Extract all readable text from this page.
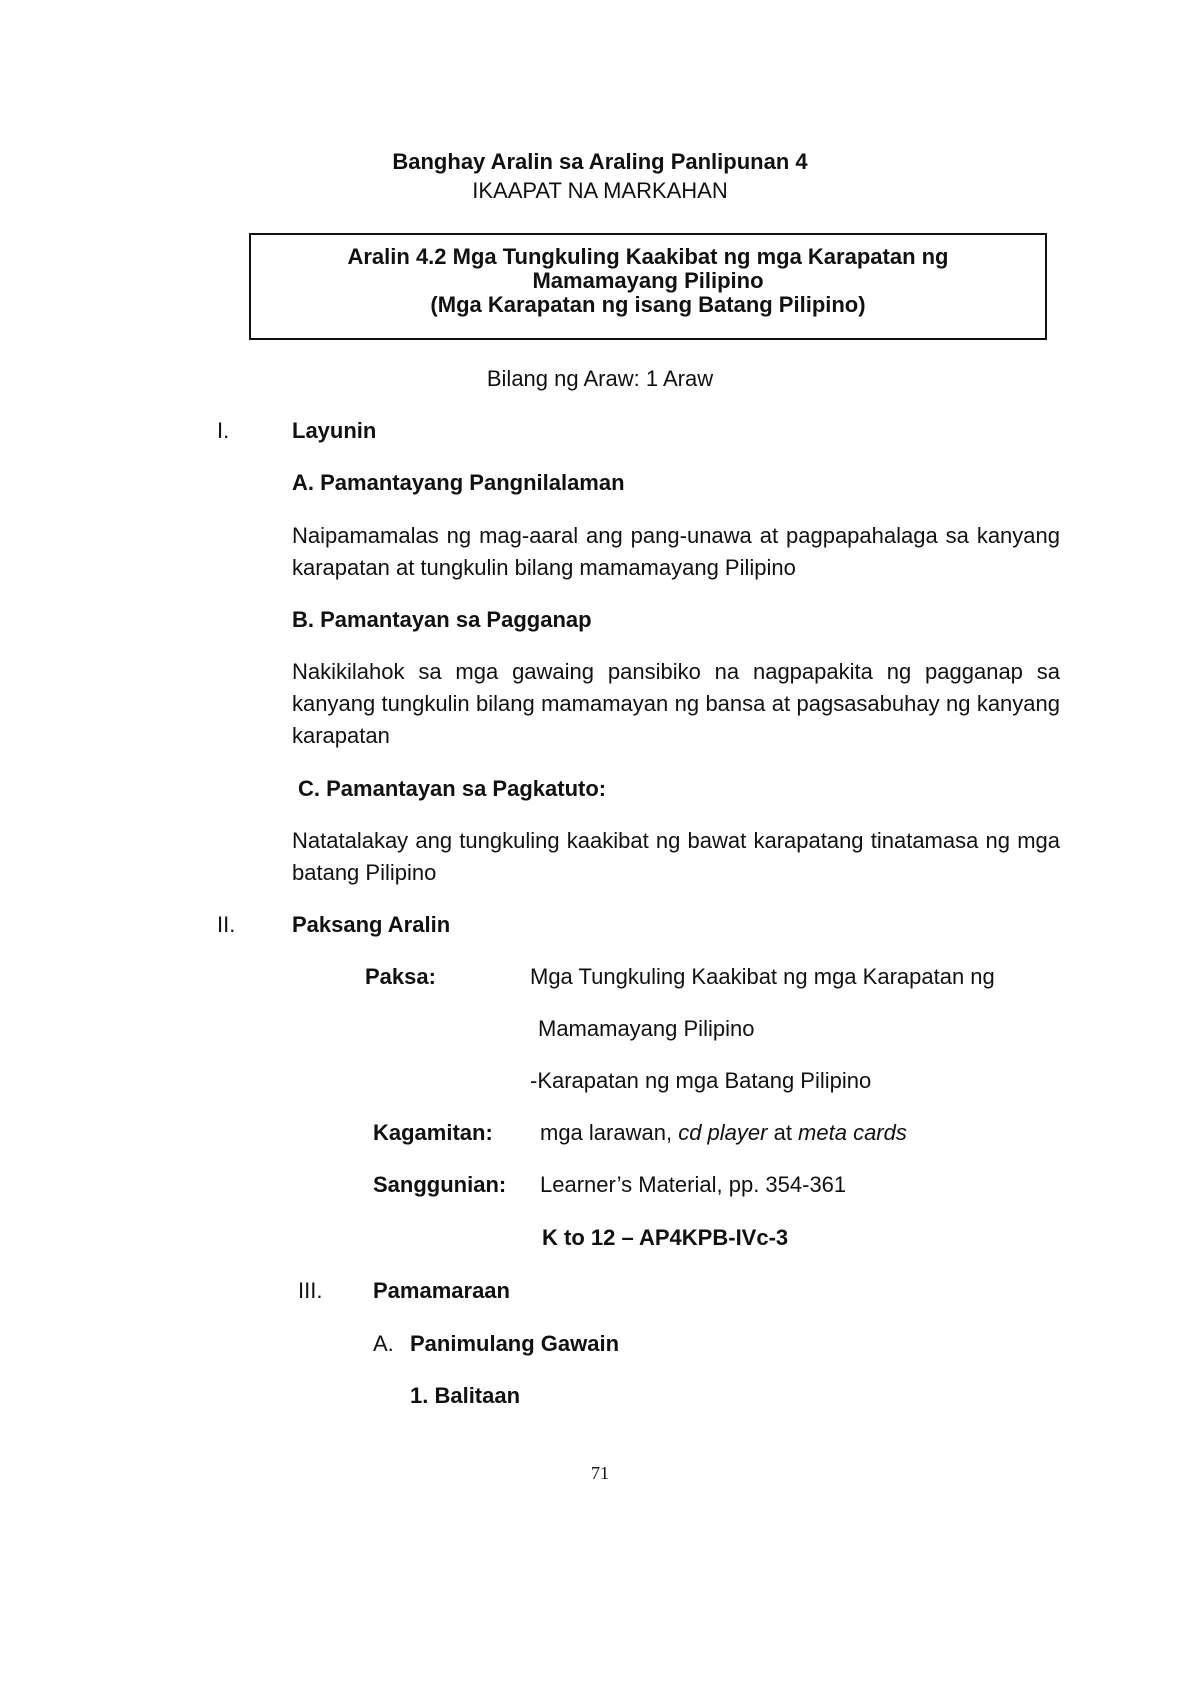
Banghay Aralin sa Araling Panlipunan 4
IKAAPAT NA MARKAHAN
Aralin 4.2 Mga Tungkuling Kaakibat ng mga Karapatan ng
Mamamayang Pilipino
(Mga Karapatan ng isang Batang Pilipino)
Bilang ng Araw: 1 Araw
I.	Layunin
A. Pamantayang Pangnilalaman
Naipamamalas ng mag-aaral ang pang-unawa at pagpapahalaga sa kanyang karapatan at tungkulin bilang mamamayang Pilipino
B. Pamantayan sa Pagganap
Nakikilahok sa mga gawaing pansibiko na nagpapakita ng pagganap sa kanyang tungkulin bilang mamamayan ng bansa at pagsasabuhay ng kanyang karapatan
C. Pamantayan sa Pagkatuto:
Natatalakay ang tungkuling kaakibat ng bawat karapatang tinatamasa ng mga batang Pilipino
II.	Paksang Aralin
Paksa:	Mga Tungkuling Kaakibat ng mga Karapatan ng
Mamamayang Pilipino
-Karapatan ng mga Batang Pilipino
Kagamitan: mga larawan, cd player at meta cards
Sanggunian: Learner’s Material, pp. 354-361
K to 12 – AP4KPB-IVc-3
III. Pamamaraan
A. Panimulang Gawain
1. Balitaan
71
